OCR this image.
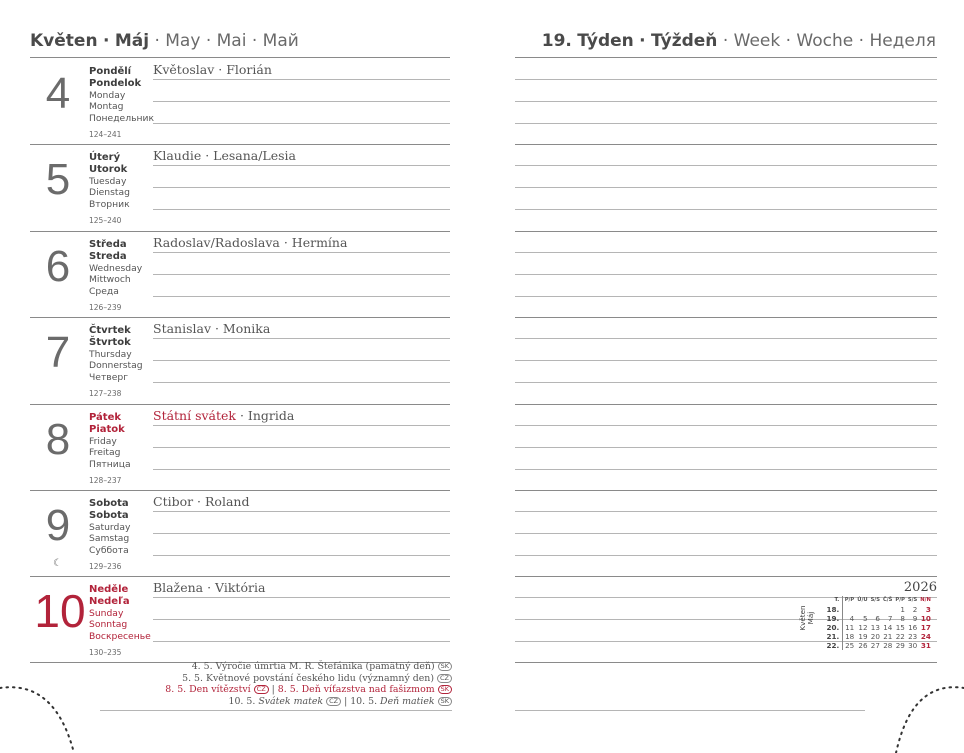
Květen · Máj · May · Mai · Май	19. Týden · Týždeň · Week · Woche · Неделя
4	Pondělí
Pondelok
Monday
Montag
Понедельник
124–241
Květoslav · Florián
5	Úterý
Utorok
Tuesday
Dienstag
Вторник
125–240
Klaudie · Lesana/Lesia
6	Středa
Streda
Wednesday
Mittwoch
Среда
126–239
Radoslav/Radoslava · Hermína
7	Čtvrtek
Štvrtok
Thursday
Donnerstag
Четверг
127–238
Stanislav · Monika
8	Pátek
Piatok
Friday
Freitag
Пятница
128–237
Státní svátek · Ingrida
9
☾
Sobota
Sobota
Saturday
Samstag
Суббота
129–236
Ctibor · Roland
10 Neděle
Nedeľa
Sunday
Sonntag
Воскресенье
130–235
Blažena · Viktória
4. 5. Výročie úmrtia M. R. Štefánika (pamätný deň) SK
5. 5. Květnové povstání českého lidu (významný den) CZ
8. 5. Den vítězství CZ | 8. 5. Deň víťazstva nad fašizmom SK
10. 5. Svátek matek CZ | 10. 5. Deň matiek SK
2026
Květen Máj
T.	P/P	Ú/U	S/S	Č/Š	P/P	S/S	N/N
18.					1	2	3
19.	4	5	6	7	8	9	10
20.	11	12	13	14	15	16	17
21.	18	19	20	21	22	23	24
22.	25	26	27	28	29	30	31
